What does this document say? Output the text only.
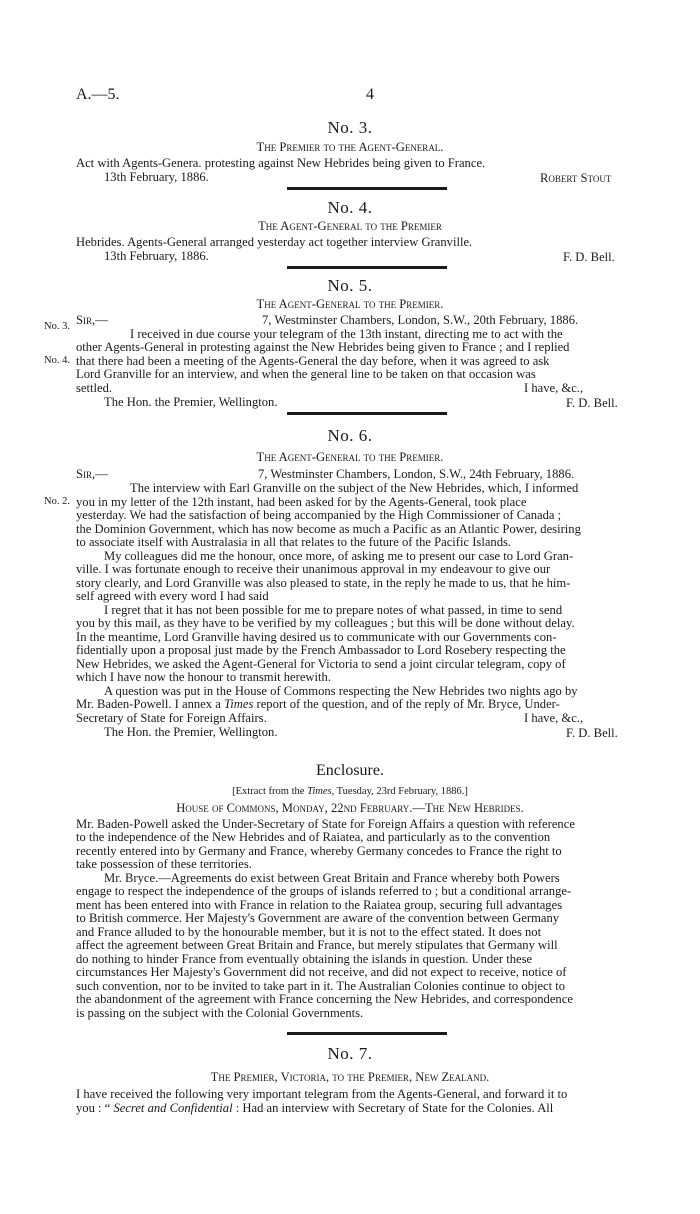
A.—5.	4
No. 3.
The Premier to the Agent-General.
Act with Agents-Genera. protesting against New Hebrides being given to France.
13th February, 1886.	Robert Stout
No. 4.
The Agent-General to the Premier
Hebrides. Agents-General arranged yesterday act together interview Granville.
13th February, 1886.	F. D. Bell.
No. 5.
The Agent-General to the Premier.
Sir,—	7, Westminster Chambers, London, S.W., 20th February, 1886.
No. 3.
I received in due course your telegram of the 13th instant, directing me to act with the
other Agents-General in protesting against the New Hebrides being given to France ; and I replied
No. 4. that there had been a meeting of the Agents-General the day before, when it was agreed to ask
Lord Granville for an interview, and when the general line to be taken on that occasion was
settled.	I have, &c.,
The Hon. the Premier, Wellington.	F. D. Bell.
No. 6.
The Agent-General to the Premier.
Sir,—	7, Westminster Chambers, London, S.W., 24th February, 1886.
The interview with Earl Granville on the subject of the New Hebrides, which, I informed
No. 2. you in my letter of the 12th instant, had been asked for by the Agents-General, took place
yesterday. We had the satisfaction of being accompanied by the High Commissioner of Canada ;
the Dominion Government, which has now become as much a Pacific as an Atlantic Power, desiring
to associate itself with Australasia in all that relates to the future of the Pacific Islands.
My colleagues did me the honour, once more, of asking me to present our case to Lord Gran-
ville. I was fortunate enough to receive their unanimous approval in my endeavour to give our
story clearly, and Lord Granville was also pleased to state, in the reply he made to us, that he him-
self agreed with every word I had said
I regret that it has not been possible for me to prepare notes of what passed, in time to send
you by this mail, as they have to be verified by my colleagues ; but this will be done without delay.
In the meantime, Lord Granville having desired us to communicate with our Governments con-
fidentially upon a proposal just made by the French Ambassador to Lord Rosebery respecting the
New Hebrides, we asked the Agent-General for Victoria to send a joint circular telegram, copy of
which I have now the honour to transmit herewith.
A question was put in the House of Commons respecting the New Hebrides two nights ago by
Mr. Baden-Powell. I annex a Times report of the question, and of the reply of Mr. Bryce, Under-
Secretary of State for Foreign Affairs.	I have, &c.,
The Hon. the Premier, Wellington.	F. D. Bell.
Enclosure.
[Extract from the Times, Tuesday, 23rd February, 1886.]
House of Commons, Monday, 22nd February.—The New Hebrides.
Mr. Baden-Powell asked the Under-Secretary of State for Foreign Affairs a question with reference
to the independence of the New Hebrides and of Raiatea, and particularly as to the convention
recently entered into by Germany and France, whereby Germany concedes to France the right to
take possession of these territories.
Mr. Bryce.—Agreements do exist between Great Britain and France whereby both Powers
engage to respect the independence of the groups of islands referred to ; but a conditional arrange-
ment has been entered into with France in relation to the Raiatea group, securing full advantages
to British commerce. Her Majesty's Government are aware of the convention between Germany
and France alluded to by the honourable member, but it is not to the effect stated. It does not
affect the agreement between Great Britain and France, but merely stipulates that Germany will
do nothing to hinder France from eventually obtaining the islands in question. Under these
circumstances Her Majesty's Government did not receive, and did not expect to receive, notice of
such convention, nor to be invited to take part in it. The Australian Colonies continue to object to
the abandonment of the agreement with France concerning the New Hebrides, and correspondence
is passing on the subject with the Colonial Governments.
No. 7.
The Premier, Victoria, to the Premier, New Zealand.
I have received the following very important telegram from the Agents-General, and forward it to
you : “ Secret and Confidential : Had an interview with Secretary of State for the Colonies. All
